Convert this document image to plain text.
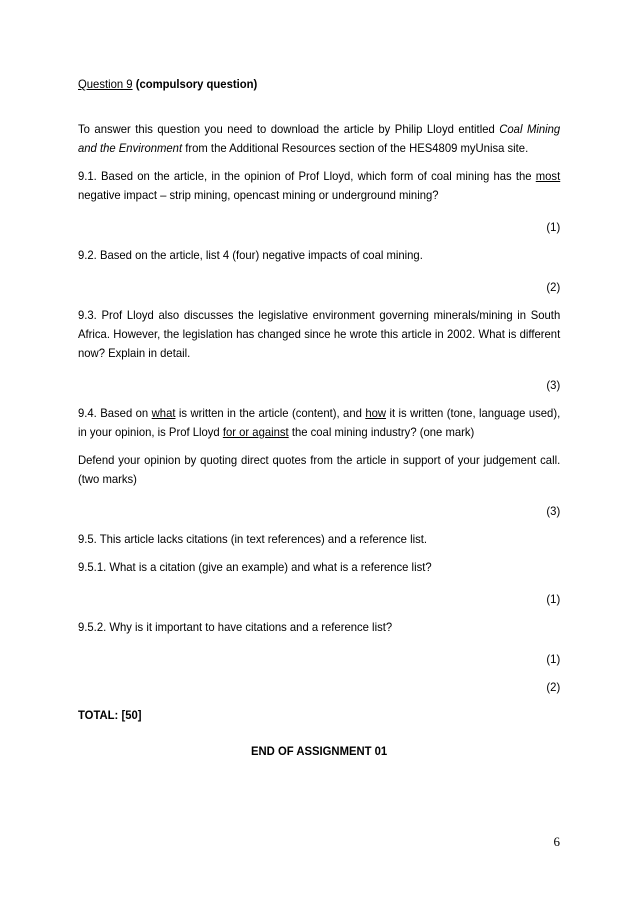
Question 9 (compulsory question)

To answer this question you need to download the article by Philip Lloyd entitled Coal Mining and the Environment from the Additional Resources section of the HES4809 myUnisa site.

9.1. Based on the article, in the opinion of Prof Lloyd, which form of coal mining has the most negative impact – strip mining, opencast mining or underground mining?

(1)

9.2. Based on the article, list 4 (four) negative impacts of coal mining.

(2)

9.3. Prof Lloyd also discusses the legislative environment governing minerals/mining in South Africa. However, the legislation has changed since he wrote this article in 2002. What is different now? Explain in detail.

(3)

9.4. Based on what is written in the article (content), and how it is written (tone, language used), in your opinion, is Prof Lloyd for or against the coal mining industry? (one mark)

Defend your opinion by quoting direct quotes from the article in support of your judgement call. (two marks)

(3)

9.5. This article lacks citations (in text references) and a reference list.

9.5.1. What is a citation (give an example) and what is a reference list?

(1)

9.5.2. Why is it important to have citations and a reference list?

(1)

(2)

TOTAL: [50]

END OF ASSIGNMENT 01

6
